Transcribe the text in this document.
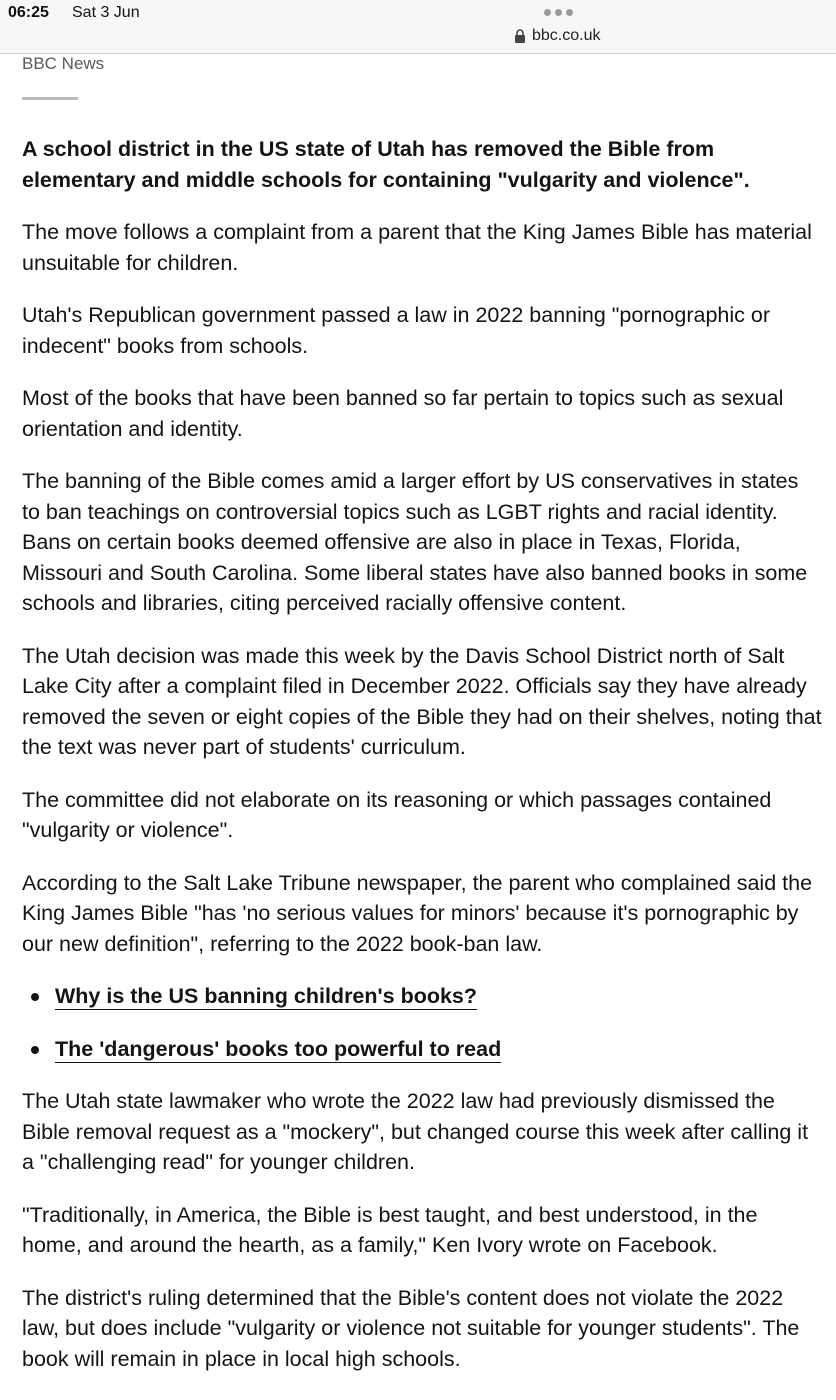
06:25 Sat 3 Jun
bbc.co.uk
BBC News

A school district in the US state of Utah has removed the Bible from elementary and middle schools for containing "vulgarity and violence".

The move follows a complaint from a parent that the King James Bible has material unsuitable for children.

Utah's Republican government passed a law in 2022 banning "pornographic or indecent" books from schools.

Most of the books that have been banned so far pertain to topics such as sexual orientation and identity.

The banning of the Bible comes amid a larger effort by US conservatives in states to ban teachings on controversial topics such as LGBT rights and racial identity. Bans on certain books deemed offensive are also in place in Texas, Florida, Missouri and South Carolina. Some liberal states have also banned books in some schools and libraries, citing perceived racially offensive content.

The Utah decision was made this week by the Davis School District north of Salt Lake City after a complaint filed in December 2022. Officials say they have already removed the seven or eight copies of the Bible they had on their shelves, noting that the text was never part of students' curriculum.

The committee did not elaborate on its reasoning or which passages contained "vulgarity or violence".

According to the Salt Lake Tribune newspaper, the parent who complained said the King James Bible "has 'no serious values for minors' because it's pornographic by our new definition", referring to the 2022 book-ban law.

Why is the US banning children's books?
The 'dangerous' books too powerful to read

The Utah state lawmaker who wrote the 2022 law had previously dismissed the Bible removal request as a "mockery", but changed course this week after calling it a "challenging read" for younger children.

"Traditionally, in America, the Bible is best taught, and best understood, in the home, and around the hearth, as a family," Ken Ivory wrote on Facebook.

The district's ruling determined that the Bible's content does not violate the 2022 law, but does include "vulgarity or violence not suitable for younger students". The book will remain in place in local high schools.
